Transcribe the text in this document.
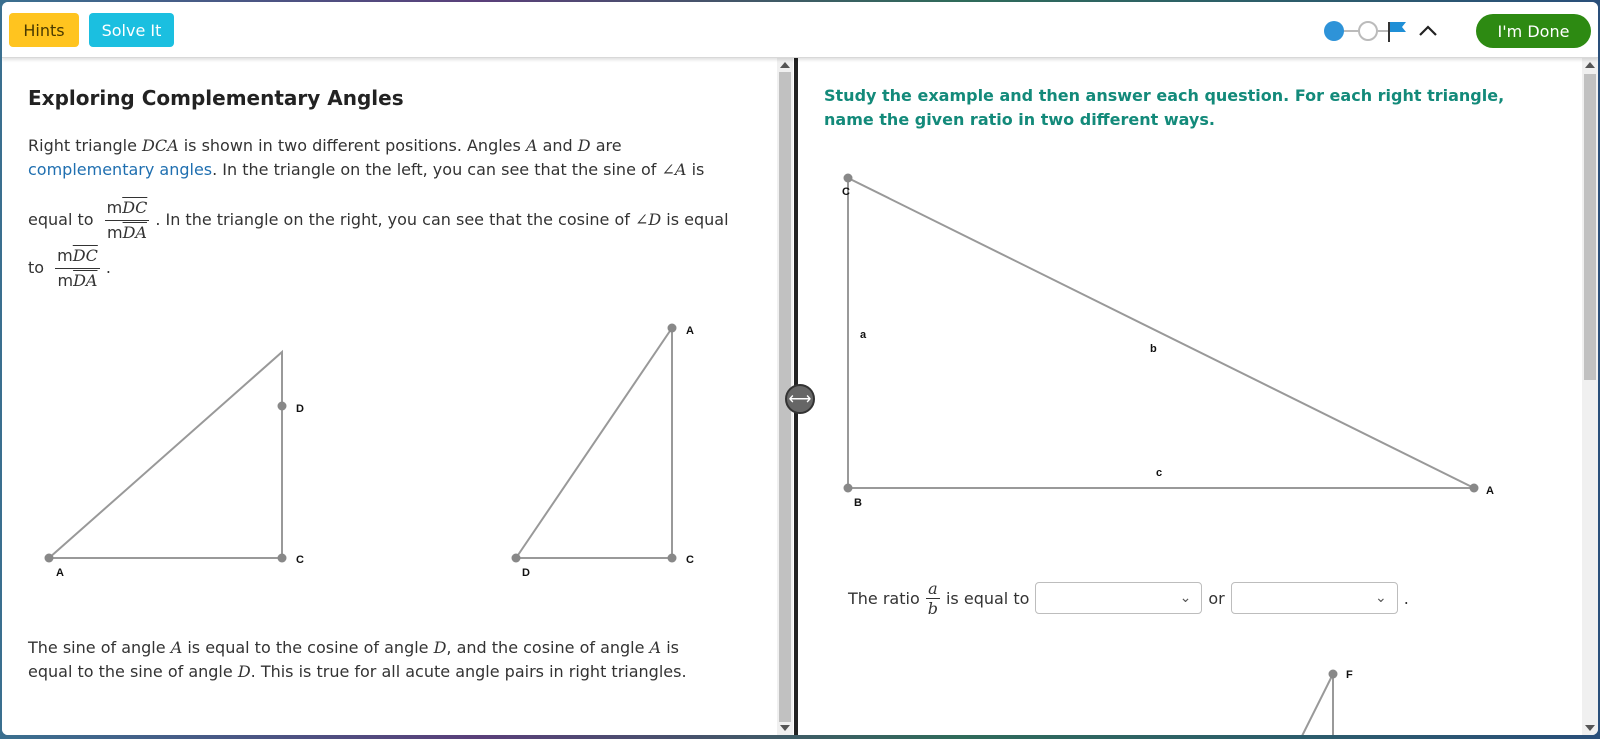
Hints	Solve It	I'm Done
Exploring Complementary Angles
Right triangle DCA is shown in two different positions. Angles A and D are
complementary angles. In the triangle on the left, you can see that the sine of ∠A is
equal to $\frac{m\overline{DC}}{m\overline{DA}}$ . In the triangle on the right, you can see that the cosine of ∠D is equal
to $\frac{m\overline{DC}}{m\overline{DA}}$ .
A
D
C
A
D
C
The sine of angle A is equal to the cosine of angle D, and the cosine of angle A is
equal to the sine of angle D. This is true for all acute angle pairs in right triangles.
⟷
Study the example and then answer each question. For each right triangle, name the given ratio in two different ways.
C
B
A
a
b
c
The ratio $\frac{a}{b}$ is equal to	⌄ or	⌄ .
F
